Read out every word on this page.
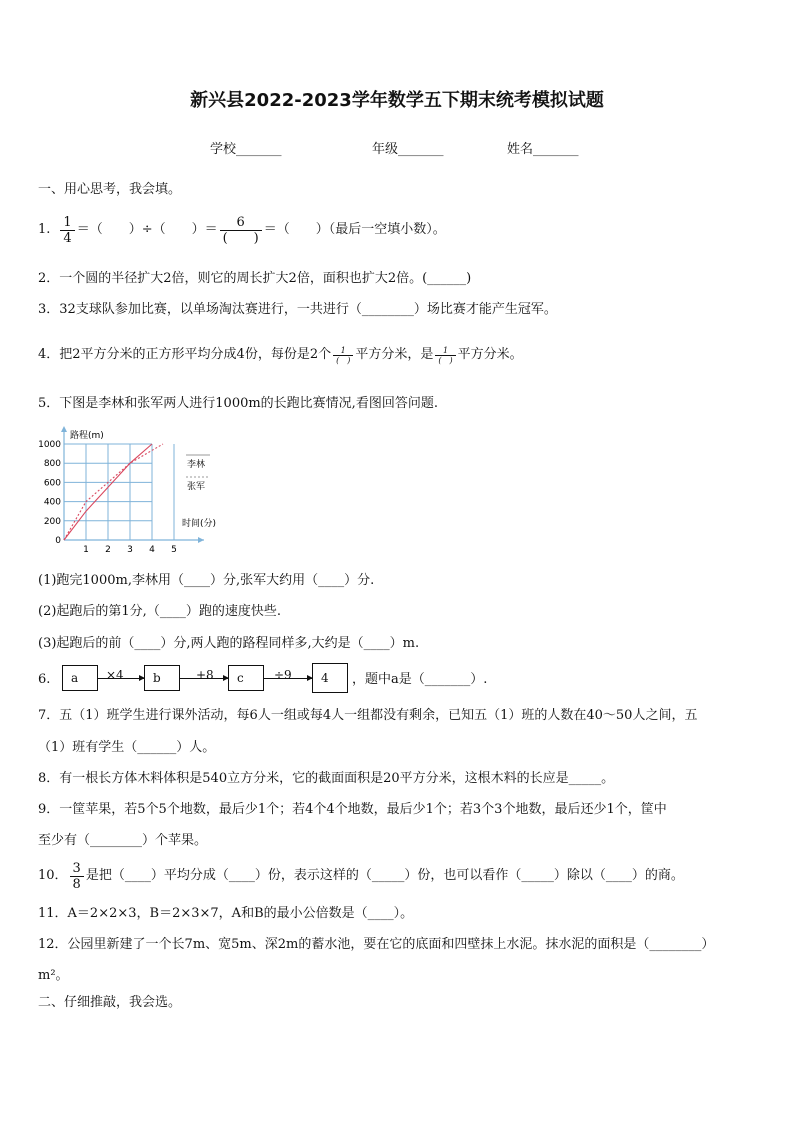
新兴县2022-2023学年数学五下期末统考模拟试题
学校_______	年级_______	姓名_______
一、用心思考，我会填。
1. $\frac{1}{4}$ ＝（　　）÷（　　）＝ $\frac{6}{( )}$ ＝（　　）（最后一空填小数）。
2．一个圆的半径扩大2倍，则它的周长扩大2倍，面积也扩大2倍。(______)
3．32支球队参加比赛，以单场淘汰赛进行，一共进行（________）场比赛才能产生冠军。
4．把2平方分米的正方形平均分成4份，每份是2个 $\frac{1}{( )}$ 平方分米，是 $\frac{1}{( )}$ 平方分米。
5．下图是李林和张军两人进行1000m的长跑比赛情况,看图回答问题.
1 2 3 4 5
0
200
400
600
800
1000
路程(m)
时间(分)
李林
张军
(1)跑完1000m,李林用（____）分,张军大约用（____）分.
(2)起跑后的第1分,（____）跑的速度快些.
(3)起跑后的前（____）分,两人跑的路程同样多,大约是（____）m.
6.	a	×4	b	+8	c	÷9	4	，题中a是（_______）.
7．五（1）班学生进行课外活动，每6人一组或每4人一组都没有剩余，已知五（1）班的人数在40～50人之间，五
（1）班有学生（______）人。
8．有一根长方体木料体积是540立方分米，它的截面面积是20平方分米，这根木料的长应是_____。
9．一筐苹果，若5个5个地数，最后少1个；若4个4个地数，最后少1个；若3个3个地数，最后还少1个，筐中
至少有（________）个苹果。
10． $\frac{3}{8}$ 是把（____）平均分成（____）份，表示这样的（_____）份，也可以看作（_____）除以（____）的商。
11．A＝2×2×3，B＝2×3×7，A和B的最小公倍数是（____）。
12．公园里新建了一个长7m、宽5m、深2m的蓄水池，要在它的底面和四壁抹上水泥。抹水泥的面积是（________）
m²。
二、仔细推敲，我会选。
